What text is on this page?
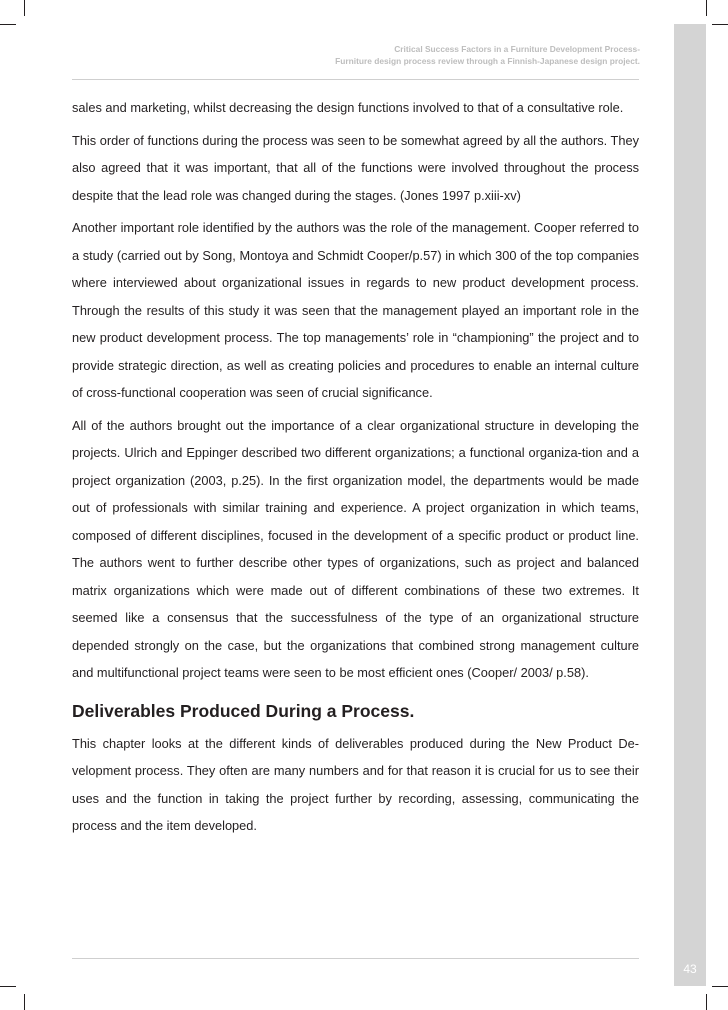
43
Critical Success Factors in a Furniture Development Process-
Furniture design process review through a Finnish-Japanese design project.

sales and marketing, whilst decreasing the design functions involved to that of a consultative role.

This order of functions during the process was seen to be somewhat agreed by all the authors. They also agreed that it was important, that all of the functions were involved throughout the process despite that the lead role was changed during the stages. (Jones 1997 p.xiii-xv)

Another important role identified by the authors was the role of the management. Cooper referred to a study (carried out by Song, Montoya and Schmidt Cooper/p.57) in which 300 of the top companies where interviewed about organizational issues in regards to new product development process. Through the results of this study it was seen that the management played an important role in the new product development process. The top managements’ role in “championing” the project and to provide strategic direction, as well as creating policies and procedures to enable an internal culture of cross-functional cooperation was seen of crucial significance.

All of the authors brought out the importance of a clear organizational structure in developing the projects. Ulrich and Eppinger described two different organizations; a functional organiza-tion and a project organization (2003, p.25). In the first organization model, the departments would be made out of professionals with similar training and experience. A project organization in which teams, composed of different disciplines, focused in the development of a specific product or product line. The authors went to further describe other types of organizations, such as project and balanced matrix organizations which were made out of different combinations of these two extremes. It seemed like a consensus that the successfulness of the type of an organizational structure depended strongly on the case, but the organizations that combined strong management culture and multifunctional project teams were seen to be most efficient ones (Cooper/ 2003/ p.58).

Deliverables Produced During a Process.

This chapter looks at the different kinds of deliverables produced during the New Product De-velopment process. They often are many numbers and for that reason it is crucial for us to see their uses and the function in taking the project further by recording, assessing, communicating the process and the item developed.
